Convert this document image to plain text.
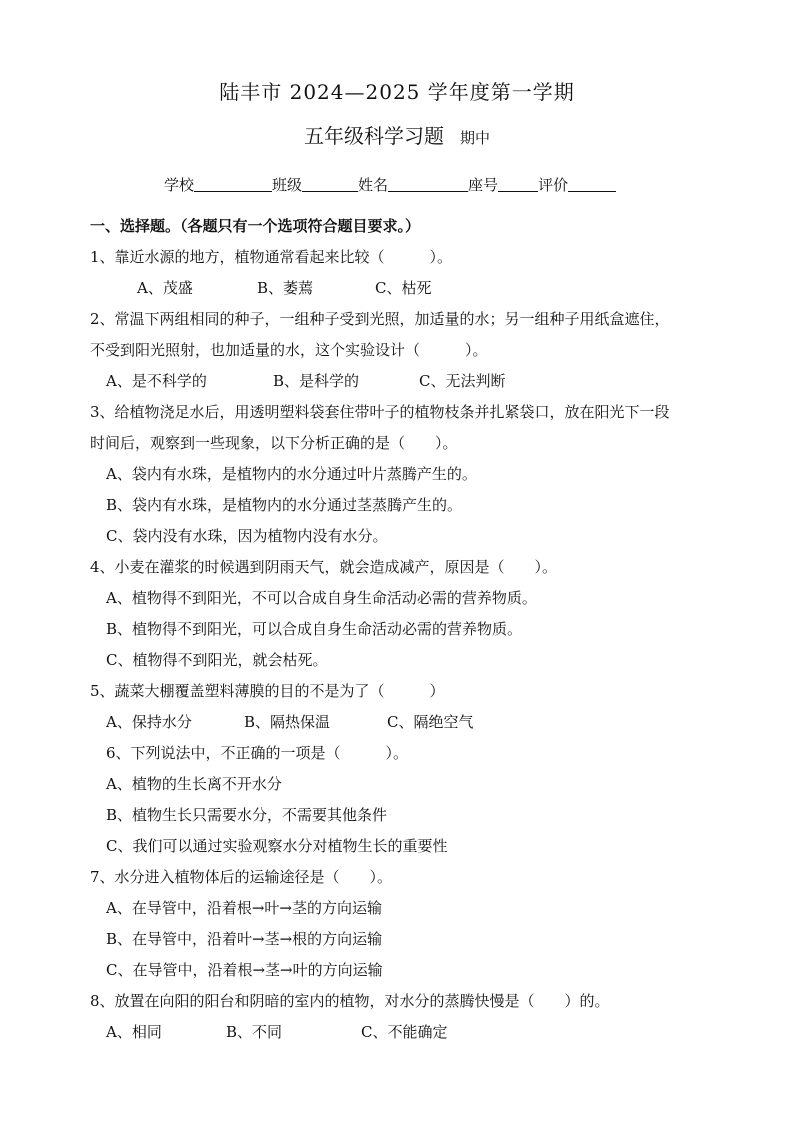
陆丰市 2024—2025 学年度第一学期
五年级科学习题 期中
学校	班级	姓名	座号	评价
一、选择题。（各题只有一个选项符合题目要求。）
1、靠近水源的地方，植物通常看起来比较（　　　）。
A、茂盛	B、萎蔫	C、枯死
2、常温下两组相同的种子，一组种子受到光照，加适量的水；另一组种子用纸盒遮住，
不受到阳光照射，也加适量的水，这个实验设计（　　　）。
A、是不科学的	B、是科学的	C、无法判断
3、给植物浇足水后，用透明塑料袋套住带叶子的植物枝条并扎紧袋口，放在阳光下一段
时间后，观察到一些现象，以下分析正确的是（　　）。
A、袋内有水珠，是植物内的水分通过叶片蒸腾产生的。
B、袋内有水珠，是植物内的水分通过茎蒸腾产生的。
C、袋内没有水珠，因为植物内没有水分。
4、小麦在灌浆的时候遇到阴雨天气，就会造成减产，原因是（　　）。
A、植物得不到阳光，不可以合成自身生命活动必需的营养物质。
B、植物得不到阳光，可以合成自身生命活动必需的营养物质。
C、植物得不到阳光，就会枯死。
5、蔬菜大棚覆盖塑料薄膜的目的不是为了（　　　）
A、保持水分	B、隔热保温	C、隔绝空气
6、下列说法中，不正确的一项是（　　　）。
A、植物的生长离不开水分
B、植物生长只需要水分，不需要其他条件
C、我们可以通过实验观察水分对植物生长的重要性
7、水分进入植物体后的运输途径是（　　）。
A、在导管中，沿着根→叶→茎的方向运输
B、在导管中，沿着叶→茎→根的方向运输
C、在导管中，沿着根→茎→叶的方向运输
8、放置在向阳的阳台和阴暗的室内的植物，对水分的蒸腾快慢是（　　）的。
A、相同	B、不同	C、不能确定
